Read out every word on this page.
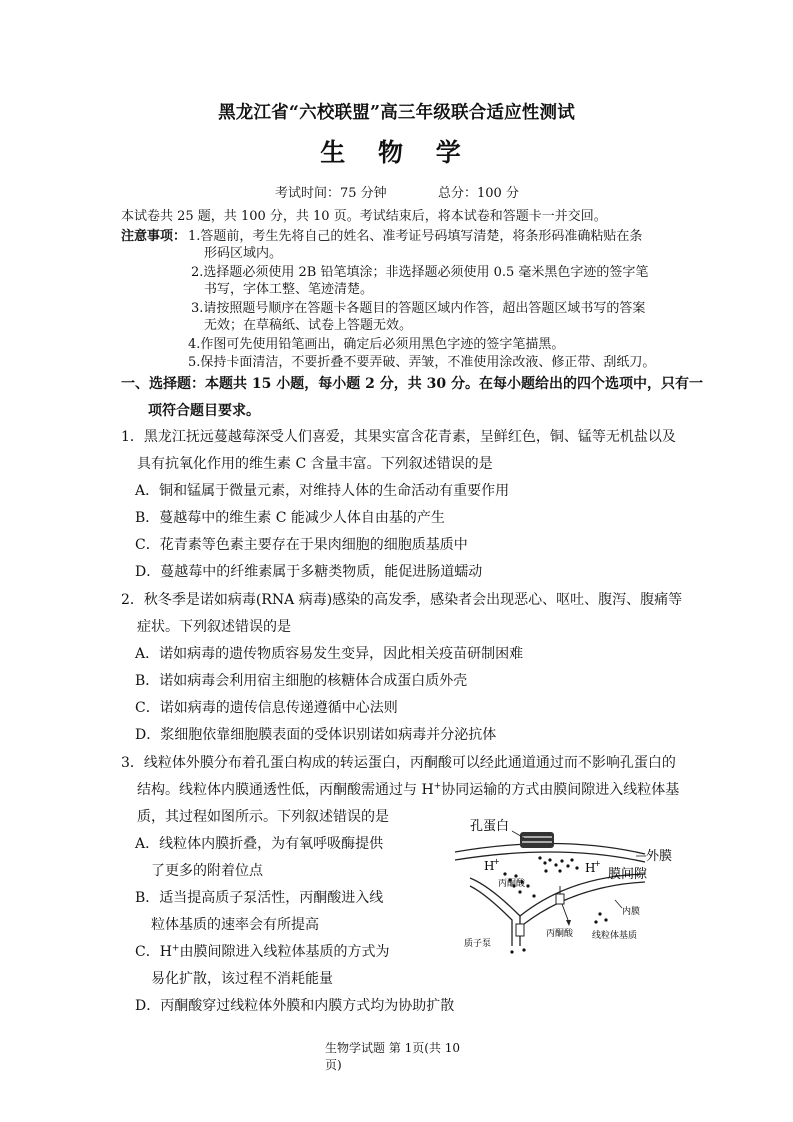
黑龙江省“六校联盟”高三年级联合适应性测试
生 物 学
考试时间：75 分钟	总分：100 分
本试卷共 25 题，共 100 分，共 10 页。考试结束后，将本试卷和答题卡一并交回。
注意事项： 1.答题前，考生先将自己的姓名、准考证号码填写清楚，将条形码准确粘贴在条
形码区域内。
2.选择题必须使用 2B 铅笔填涂；非选择题必须使用 0.5 毫米黑色字迹的签字笔
书写，字体工整、笔迹清楚。
3.请按照题号顺序在答题卡各题目的答题区域内作答，超出答题区域书写的答案
无效；在草稿纸、试卷上答题无效。
4.作图可先使用铅笔画出，确定后必须用黑色字迹的签字笔描黑。
5.保持卡面清洁，不要折叠不要弄破、弄皱，不准使用涂改液、修正带、刮纸刀。
一、选择题：本题共 15 小题，每小题 2 分，共 30 分。在每小题给出的四个选项中，只有一
项符合题目要求。
1．黑龙江抚远蔓越莓深受人们喜爱，其果实富含花青素，呈鲜红色，铜、锰等无机盐以及
具有抗氧化作用的维生素 C 含量丰富。下列叙述错误的是
A．铜和锰属于微量元素，对维持人体的生命活动有重要作用
B．蔓越莓中的维生素 C 能减少人体自由基的产生
C．花青素等色素主要存在于果肉细胞的细胞质基质中
D．蔓越莓中的纤维素属于多糖类物质，能促进肠道蠕动
2．秋冬季是诺如病毒(RNA 病毒)感染的高发季，感染者会出现恶心、呕吐、腹泻、腹痛等
症状。下列叙述错误的是
A．诺如病毒的遗传物质容易发生变异，因此相关疫苗研制困难
B．诺如病毒会利用宿主细胞的核糖体合成蛋白质外壳
C．诺如病毒的遗传信息传递遵循中心法则
D．浆细胞依靠细胞膜表面的受体识别诺如病毒并分泌抗体
3．线粒体外膜分布着孔蛋白构成的转运蛋白，丙酮酸可以经此通道通过而不影响孔蛋白的
结构。线粒体内膜通透性低，丙酮酸需通过与 H+协同运输的方式由膜间隙进入线粒体基
质，其过程如图所示。下列叙述错误的是
A．线粒体内膜折叠，为有氧呼吸酶提供
了更多的附着位点
B．适当提高质子泵活性，丙酮酸进入线
粒体基质的速率会有所提高
C．H+由膜间隙进入线粒体基质的方式为
易化扩散，该过程不消耗能量
D．丙酮酸穿过线粒体外膜和内膜方式均为协助扩散
孔蛋白
外膜
膜间隙
H
+	H
+
丙酮酸
丙酮酸
质子泵
内膜
线粒体基质
生物学试题 第 1页(共 10
页)
